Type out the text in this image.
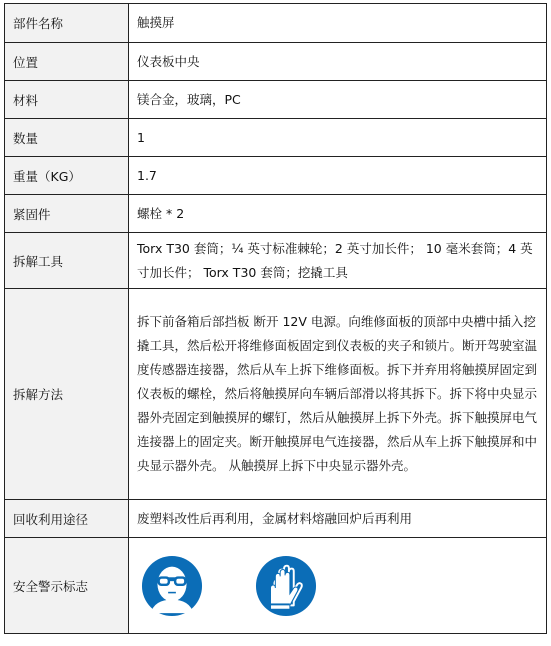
部件名称	触摸屏
位置	仪表板中央
材料	镁合金，玻璃，PC
数量	1
重量（KG）	1.7
紧固件	螺栓 * 2
拆解工具	Torx T30 套筒；¼ 英寸标准棘轮；2 英寸加长件； 10 毫米套筒；4 英寸加长件； Torx T30 套筒；挖撬工具
拆解方法	拆下前备箱后部挡板 断开 12V 电源。向维修面板的顶部中央槽中插入挖撬工具，然后松开将维修面板固定到仪表板的夹子和锁片。断开驾驶室温度传感器连接器，然后从车上拆下维修面板。拆下并弃用将触摸屏固定到仪表板的螺栓，然后将触摸屏向车辆后部滑以将其拆下。拆下将中央显示器外壳固定到触摸屏的螺钉，然后从触摸屏上拆下外壳。拆下触摸屏电气连接器上的固定夹。断开触摸屏电气连接器，然后从车上拆下触摸屏和中央显示器外壳。 从触摸屏上拆下中央显示器外壳。
回收利用途径	废塑料改性后再利用，金属材料熔融回炉后再利用
安全警示标志	
